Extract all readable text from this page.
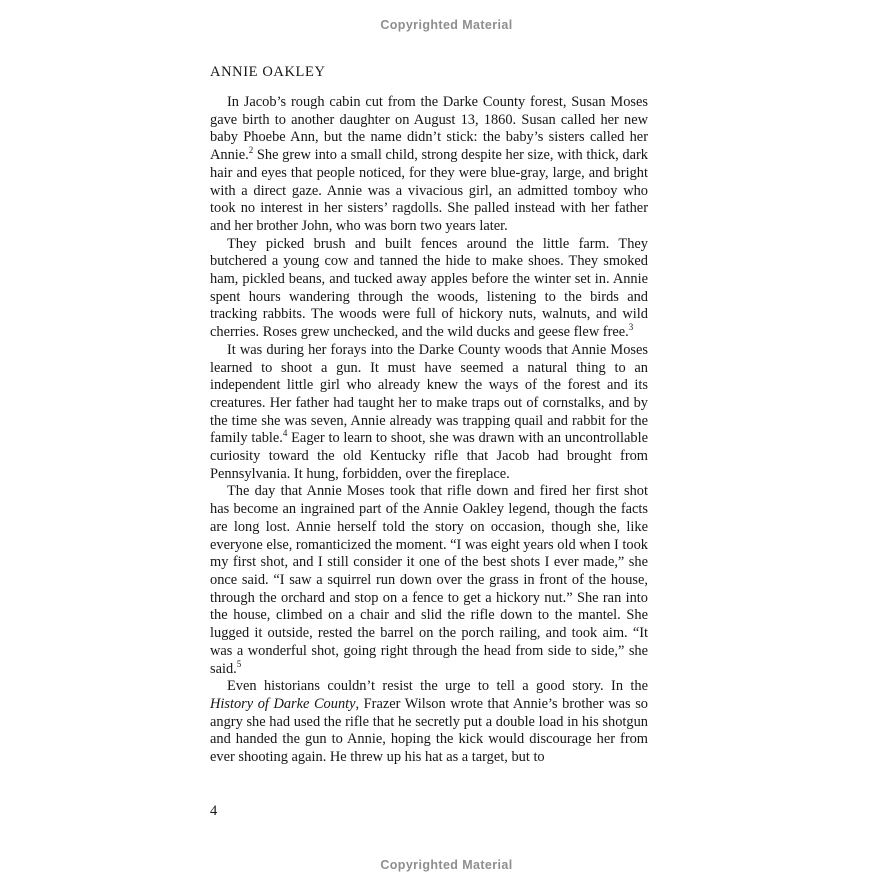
Copyrighted Material
ANNIE OAKLEY

In Jacob’s rough cabin cut from the Darke County forest, Susan Moses gave birth to another daughter on August 13, 1860. Susan called her new baby Phoebe Ann, but the name didn’t stick: the baby’s sisters called her Annie.$^2$ She grew into a small child, strong despite her size, with thick, dark hair and eyes that people noticed, for they were blue-gray, large, and bright with a direct gaze. Annie was a vivacious girl, an admitted tomboy who took no interest in her sisters’ ragdolls. She palled instead with her father and her brother John, who was born two years later.

They picked brush and built fences around the little farm. They butchered a young cow and tanned the hide to make shoes. They smoked ham, pickled beans, and tucked away apples before the winter set in. Annie spent hours wandering through the woods, listening to the birds and tracking rabbits. The woods were full of hickory nuts, walnuts, and wild cherries. Roses grew unchecked, and the wild ducks and geese flew free.$^3$

It was during her forays into the Darke County woods that Annie Moses learned to shoot a gun. It must have seemed a natural thing to an independent little girl who already knew the ways of the forest and its creatures. Her father had taught her to make traps out of cornstalks, and by the time she was seven, Annie already was trapping quail and rabbit for the family table.$^4$ Eager to learn to shoot, she was drawn with an uncontrollable curiosity toward the old Kentucky rifle that Jacob had brought from Pennsylvania. It hung, forbidden, over the fireplace.

The day that Annie Moses took that rifle down and fired her first shot has become an ingrained part of the Annie Oakley legend, though the facts are long lost. Annie herself told the story on occasion, though she, like everyone else, romanticized the moment. “I was eight years old when I took my first shot, and I still consider it one of the best shots I ever made,” she once said. “I saw a squirrel run down over the grass in front of the house, through the orchard and stop on a fence to get a hickory nut.” She ran into the house, climbed on a chair and slid the rifle down to the mantel. She lugged it outside, rested the barrel on the porch railing, and took aim. “It was a wonderful shot, going right through the head from side to side,” she said.$^5$

Even historians couldn’t resist the urge to tell a good story. In the History of Darke County, Frazer Wilson wrote that Annie’s brother was so angry she had used the rifle that he secretly put a double load in his shotgun and handed the gun to Annie, hoping the kick would discourage her from ever shooting again. He threw up his hat as a target, but to

4
Copyrighted Material
